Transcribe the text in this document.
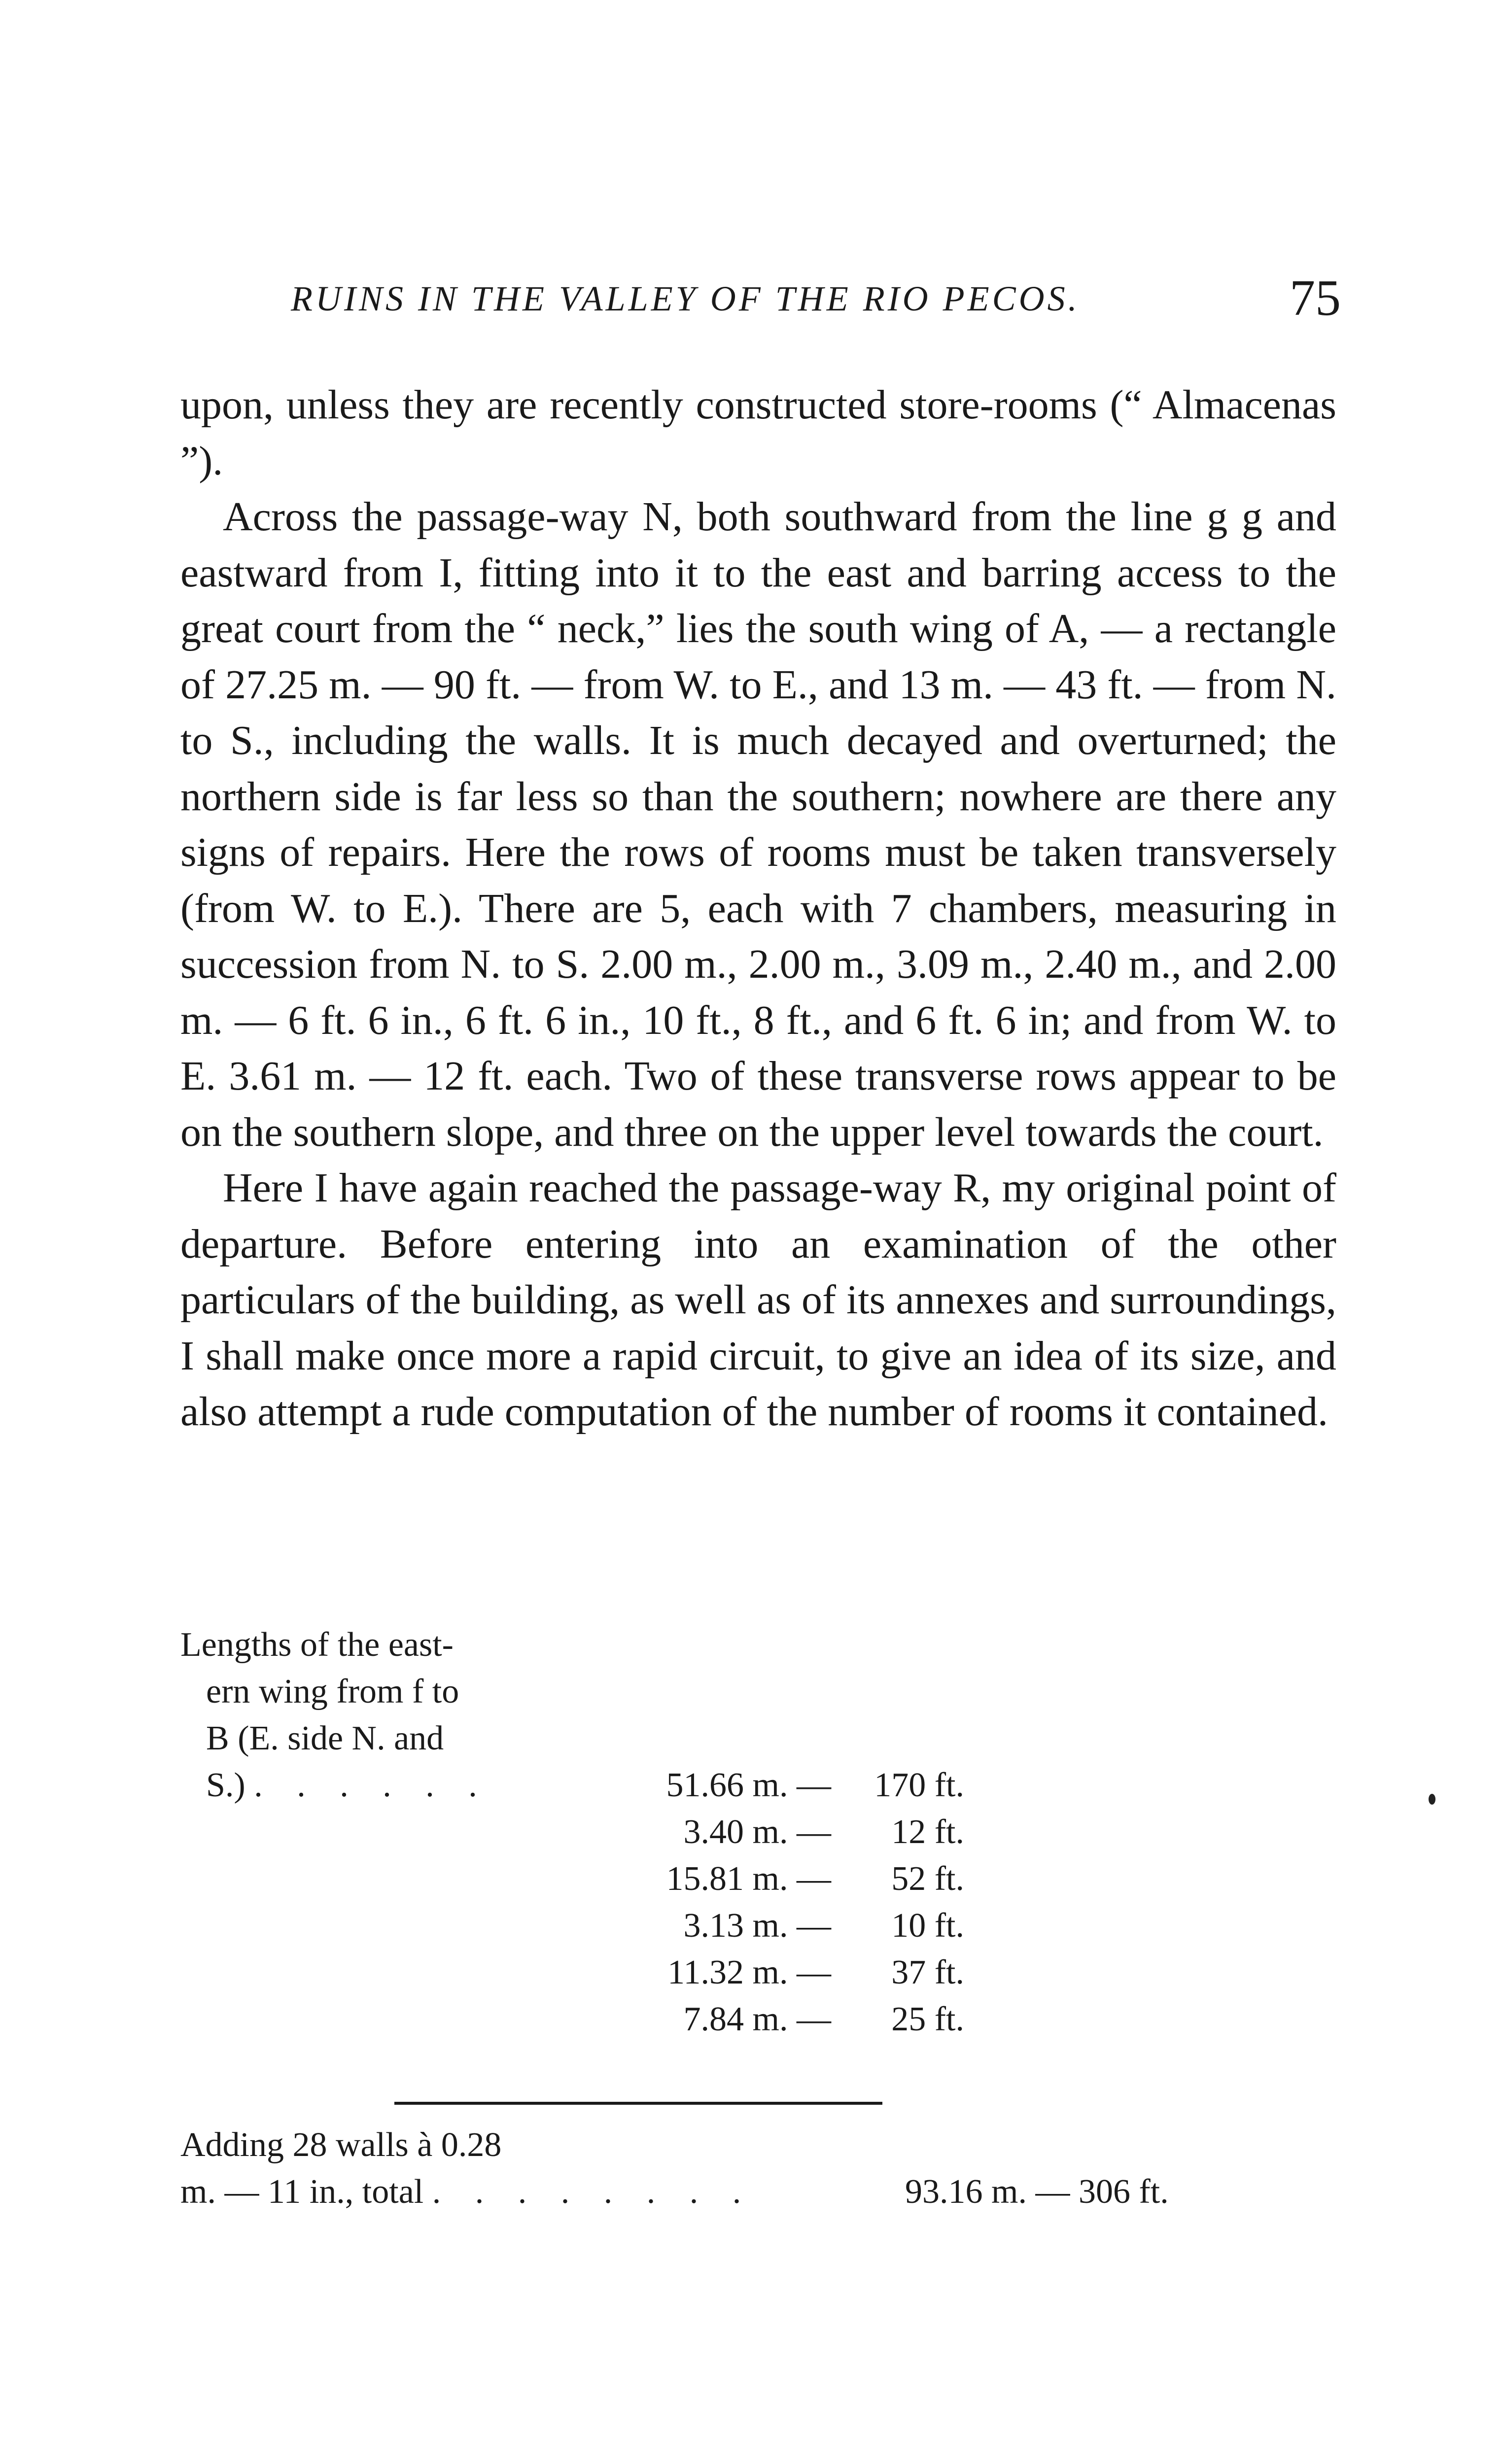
RUINS IN THE VALLEY OF THE RIO PECOS.	75

upon, unless they are recently constructed store-rooms (“ Almacenas ”).

Across the passage-way N, both southward from the line g g and eastward from I, fitting into it to the east and barring access to the great court from the “ neck,” lies the south wing of A, — a rectangle of 27.25 m. — 90 ft. — from W. to E., and 13 m. — 43 ft. — from N. to S., including the walls. It is much decayed and overturned; the northern side is far less so than the southern; nowhere are there any signs of repairs. Here the rows of rooms must be taken transversely (from W. to E.). There are 5, each with 7 chambers, measuring in succession from N. to S. 2.00 m., 2.00 m., 3.09 m., 2.40 m., and 2.00 m. — 6 ft. 6 in., 6 ft. 6 in., 10 ft., 8 ft., and 6 ft. 6 in; and from W. to E. 3.61 m. — 12 ft. each. Two of these transverse rows appear to be on the southern slope, and three on the upper level towards the court.

Here I have again reached the passage-way R, my original point of departure. Before entering into an examination of the other particulars of the building, as well as of its annexes and surroundings, I shall make once more a rapid circuit, to give an idea of its size, and also attempt a rude computation of the number of rooms it contained.

Lengths of the east-
ern wing from f to
B (E. side N. and
S.) . . . . . .	51.66 m. —	170 ft.
3.40 m. —	12 ft.
15.81 m. —	52 ft.
3.13 m. —	10 ft.
11.32 m. —	37 ft.
7.84 m. —	25 ft.
Adding 28 walls à 0.28
m. — 11 in., total . . . . . . . .	93.16 m. — 306 ft.
